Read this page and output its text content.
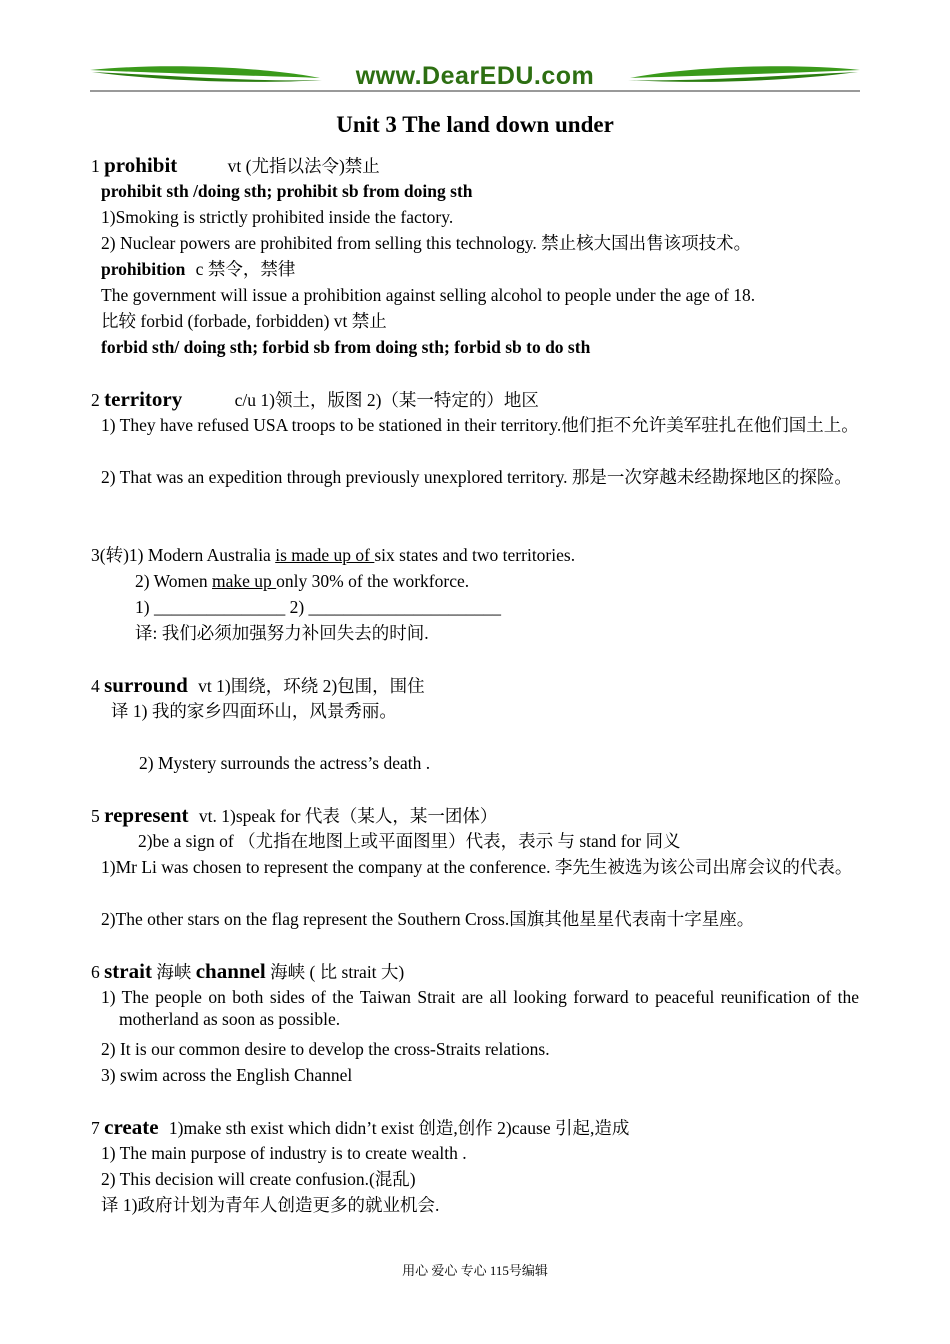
www.DearEDU.com
Unit 3 The land down under
1 prohibit	vt (尤指以法令)禁止
prohibit sth /doing sth; prohibit sb from doing sth
1)Smoking is strictly prohibited inside the factory.
2) Nuclear powers are prohibited from selling this technology. 禁止核大国出售该项技术。
prohibition c 禁令，禁律
The government will issue a prohibition against selling alcohol to people under the age of 18.
比较 forbid (forbade, forbidden) vt 禁止
forbid sth/ doing sth; forbid sb from doing sth; forbid sb to do sth
2 territory	c/u 1)领土，版图 2)（某一特定的）地区
1) They have refused USA troops to be stationed in their territory.他们拒不允许美军驻扎在他们国土上。
2) That was an expedition through previously unexplored territory. 那是一次穿越未经勘探地区的探险。
3(转)1) Modern Australia is made up of six states and two territories.
2) Women make up only 30% of the workforce.
1) _______________ 2) ______________________
译: 我们必须加强努力补回失去的时间.
4 surround vt 1)围绕，环绕 2)包围，围住
译 1) 我的家乡四面环山，风景秀丽。
2) Mystery surrounds the actress’s death .
5 represent vt. 1)speak for 代表（某人，某一团体）
2)be a sign of （尤指在地图上或平面图里）代表，表示 与 stand for 同义
1)Mr Li was chosen to represent the company at the conference. 李先生被选为该公司出席会议的代表。
2)The other stars on the flag represent the Southern Cross.国旗其他星星代表南十字星座。
6 strait 海峡 channel 海峡 ( 比 strait 大)
1) The people on both sides of the Taiwan Strait are all looking forward to peaceful reunification of the motherland as soon as possible.
2) It is our common desire to develop the cross-Straits relations.
3) swim across the English Channel
7 create 1)make sth exist which didn’t exist 创造,创作 2)cause 引起,造成
1) The main purpose of industry is to create wealth .
2) This decision will create confusion.(混乱)
译 1)政府计划为青年人创造更多的就业机会.
用心 爱心 专心 115号编辑
